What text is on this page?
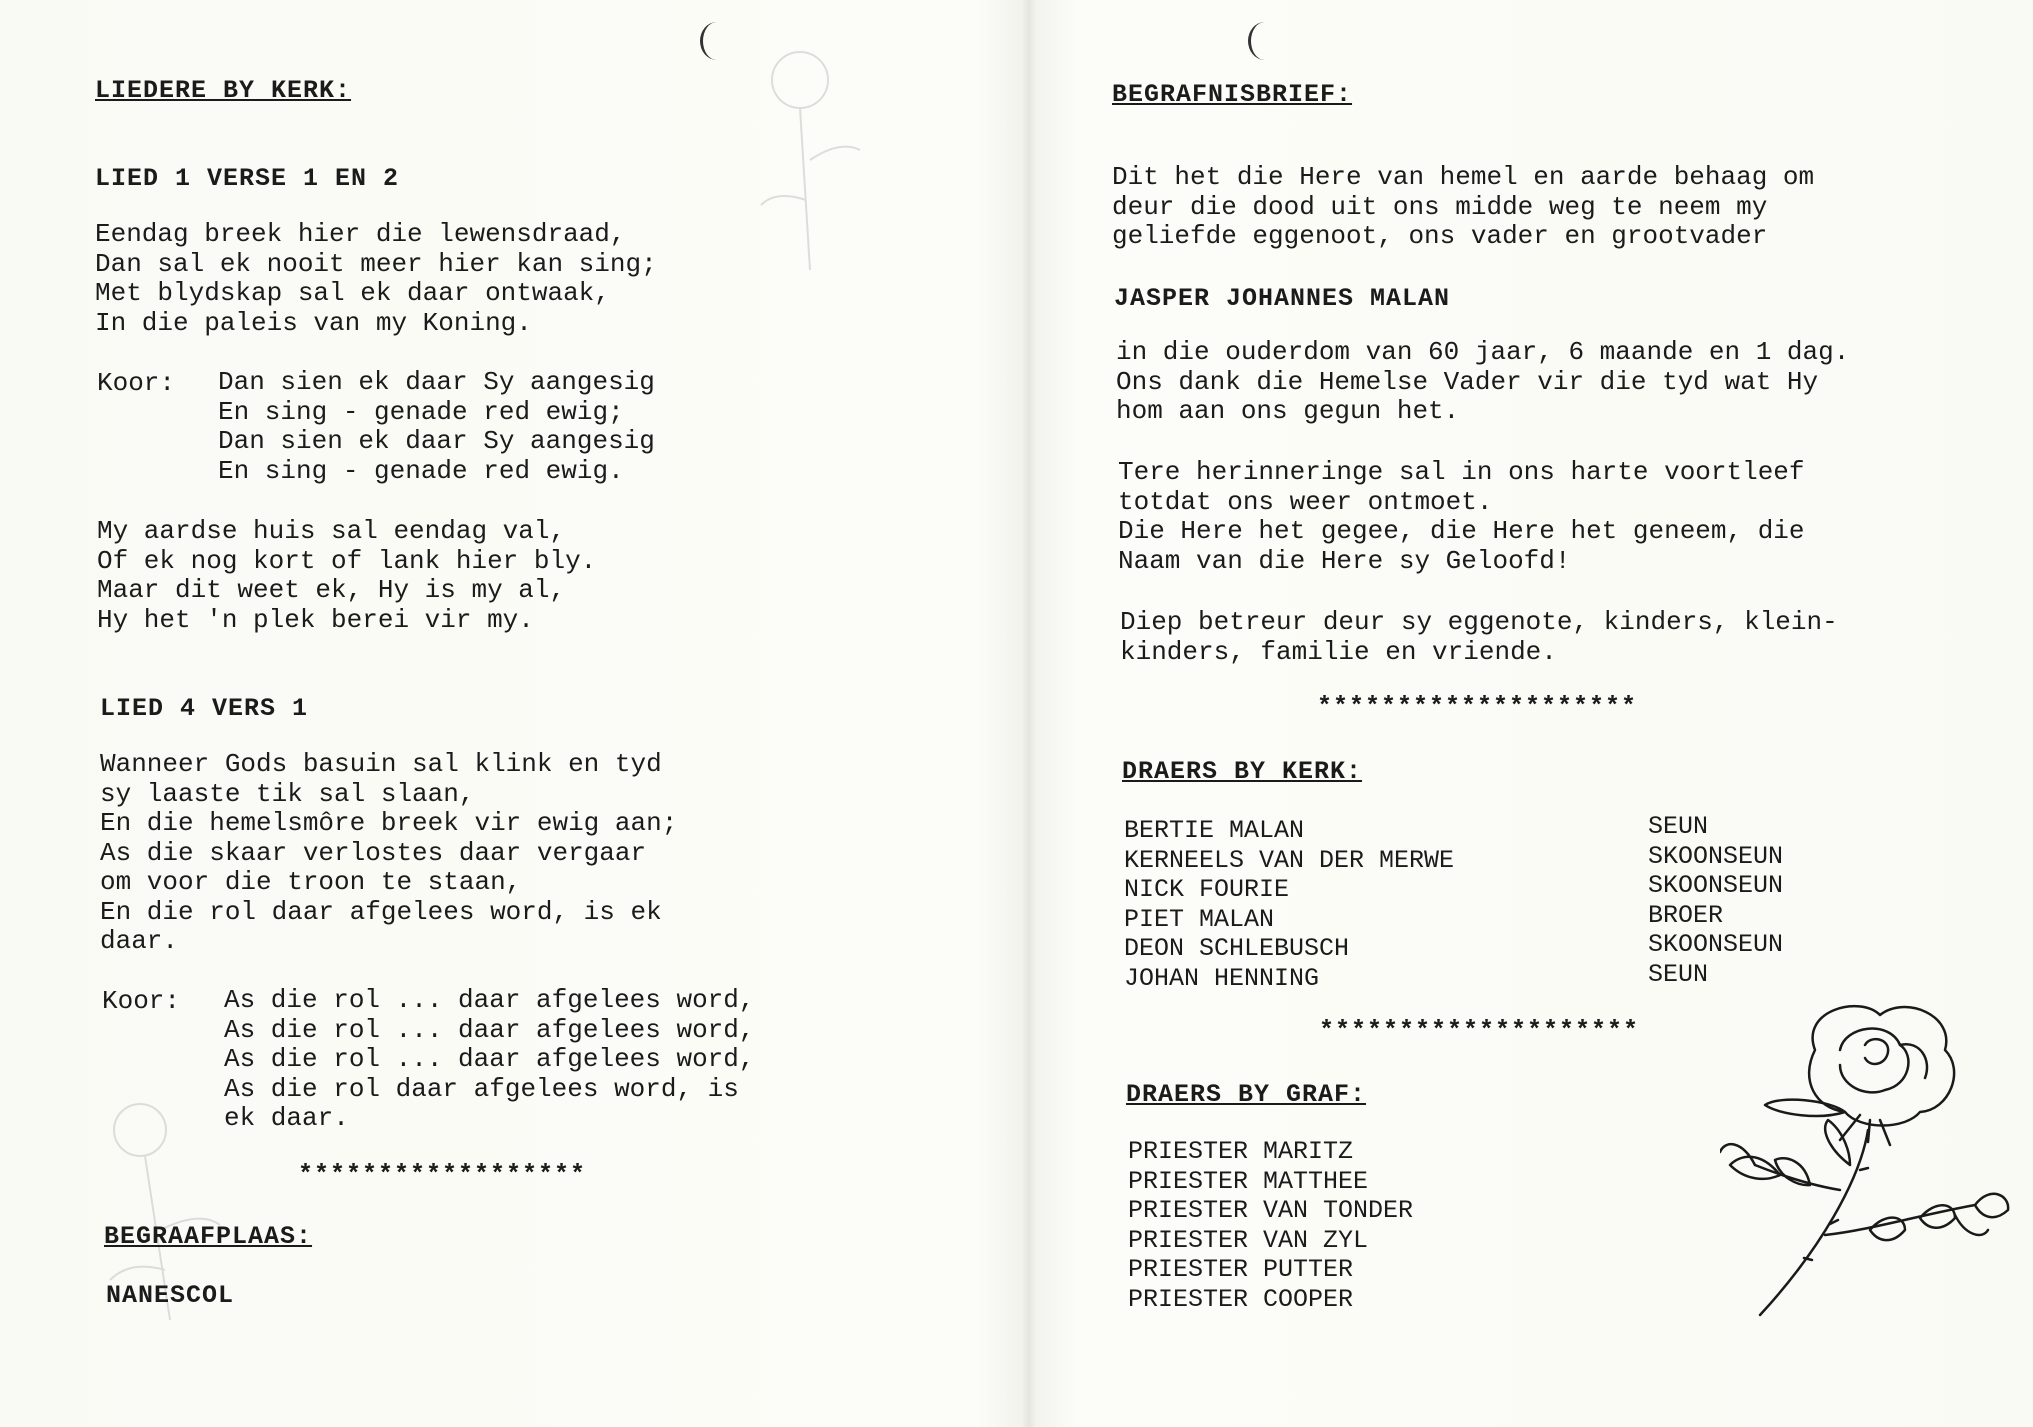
LIEDERE BY KERK:

LIED 1 VERSE 1 EN 2

Eendag breek hier die lewensdraad,
Dan sal ek nooit meer hier kan sing;
Met blydskap sal ek daar ontwaak,
In die paleis van my Koning.
Koor: Dan sien ek daar Sy aangesig
En sing - genade red ewig;
Dan sien ek daar Sy aangesig
En sing - genade red ewig.
My aardse huis sal eendag val,
Of ek nog kort of lank hier bly.
Maar dit weet ek, Hy is my al,
Hy het 'n plek berei vir my.

LIED 4 VERS 1

Wanneer Gods basuin sal klink en tyd
sy laaste tik sal slaan,
En die hemelsmôre breek vir ewig aan;
As die skaar verlostes daar vergaar
om voor die troon te staan,
En die rol daar afgelees word, is ek
daar.
Koor: As die rol ... daar afgelees word,
As die rol ... daar afgelees word,
As die rol ... daar afgelees word,
As die rol daar afgelees word, is
ek daar.
******************

BEGRAAFPLAAS:

NANESCOL

BEGRAFNISBRIEF:

Dit het die Here van hemel en aarde behaag om
deur die dood uit ons midde weg te neem my
geliefde eggenoot, ons vader en grootvader

JASPER JOHANNES MALAN

in die ouderdom van 60 jaar, 6 maande en 1 dag.
Ons dank die Hemelse Vader vir die tyd wat Hy
hom aan ons gegun het.
Tere herinneringe sal in ons harte voortleef
totdat ons weer ontmoet.
Die Here het gegee, die Here het geneem, die
Naam van die Here sy Geloofd!
Diep betreur deur sy eggenote, kinders, klein-
kinders, familie en vriende.
********************

DRAERS BY KERK:

BERTIE MALAN
KERNEELS VAN DER MERWE
NICK FOURIE
PIET MALAN
DEON SCHLEBUSCH
JOHAN HENNING
SEUN
SKOONSEUN
SKOONSEUN
BROER
SKOONSEUN
SEUN
********************

DRAERS BY GRAF:

PRIESTER MARITZ
PRIESTER MATTHEE
PRIESTER VAN TONDER
PRIESTER VAN ZYL
PRIESTER PUTTER
PRIESTER COOPER
